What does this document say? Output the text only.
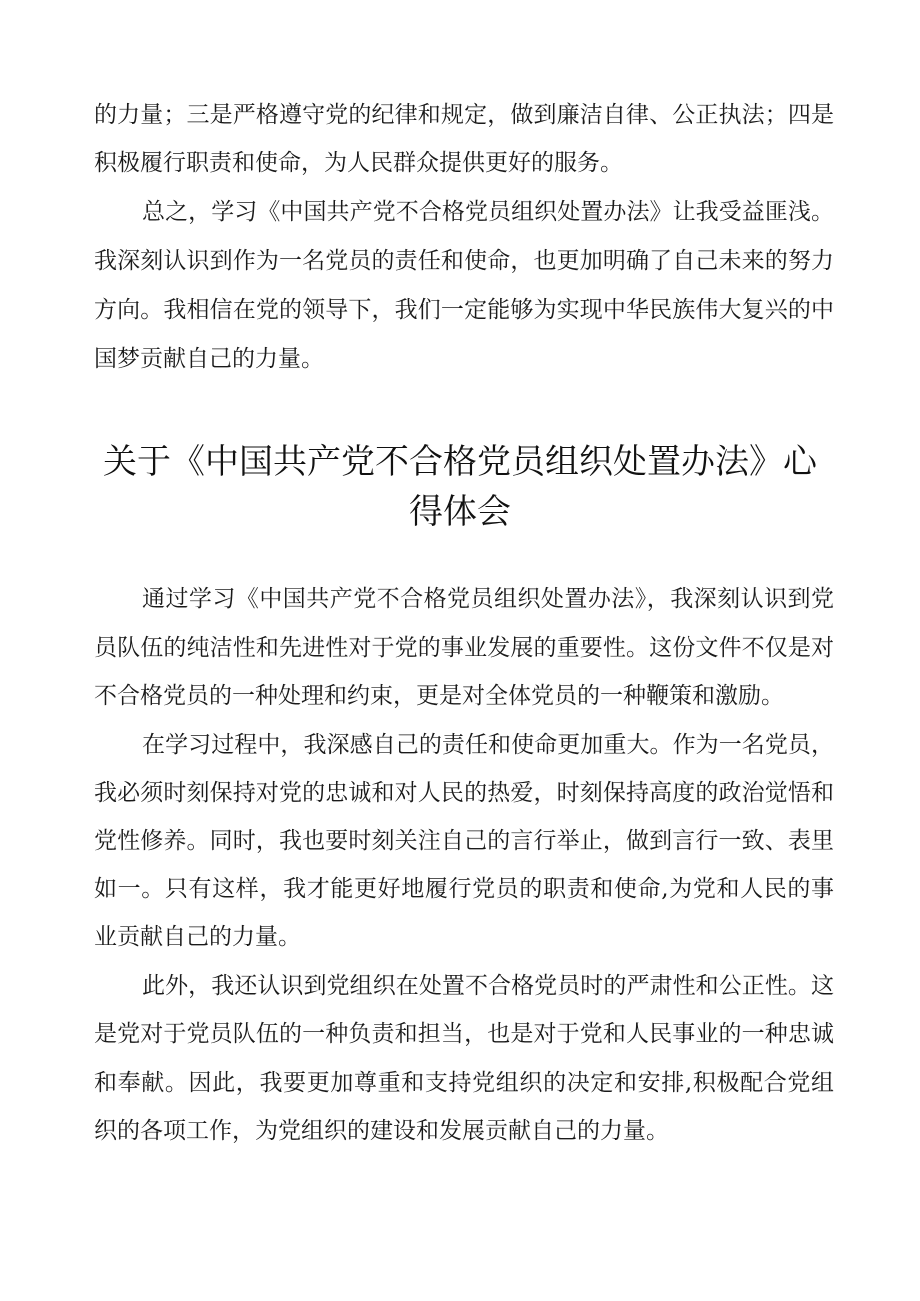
的力量；三是严格遵守党的纪律和规定，做到廉洁自律、公正执法；四是
积极履行职责和使命，为人民群众提供更好的服务。
总之，学习《中国共产党不合格党员组织处置办法》让我受益匪浅。
我深刻认识到作为一名党员的责任和使命，也更加明确了自己未来的努力
方向。我相信在党的领导下，我们一定能够为实现中华民族伟大复兴的中
国梦贡献自己的力量。
关于《中国共产党不合格党员组织处置办法》心
得体会
通过学习《中国共产党不合格党员组织处置办法》，我深刻认识到党
员队伍的纯洁性和先进性对于党的事业发展的重要性。这份文件不仅是对
不合格党员的一种处理和约束，更是对全体党员的一种鞭策和激励。
在学习过程中，我深感自己的责任和使命更加重大。作为一名党员，
我必须时刻保持对党的忠诚和对人民的热爱，时刻保持高度的政治觉悟和
党性修养。同时，我也要时刻关注自己的言行举止，做到言行一致、表里
如一。只有这样，我才能更好地履行党员的职责和使命,为党和人民的事
业贡献自己的力量。
此外，我还认识到党组织在处置不合格党员时的严肃性和公正性。这
是党对于党员队伍的一种负责和担当，也是对于党和人民事业的一种忠诚
和奉献。因此，我要更加尊重和支持党组织的决定和安排,积极配合党组
织的各项工作，为党组织的建设和发展贡献自己的力量。
